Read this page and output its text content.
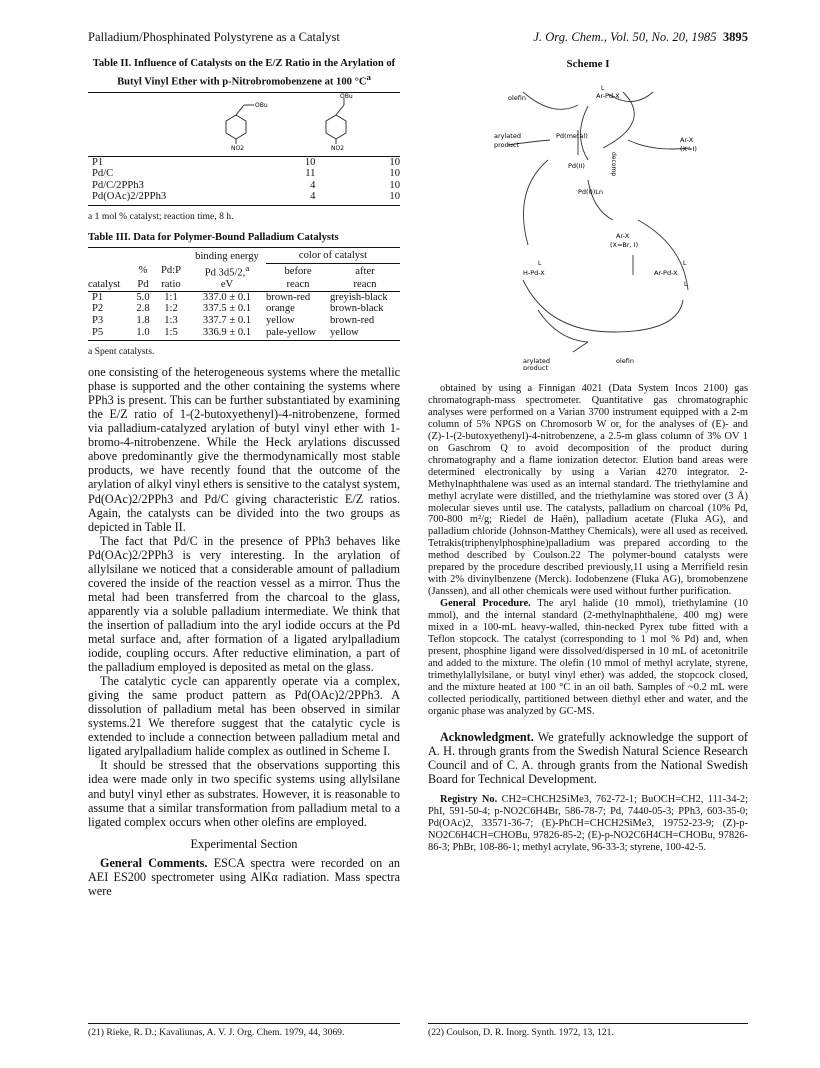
Palladium/Phosphinated Polystyrene as a Catalyst	J. Org. Chem., Vol. 50, No. 20, 1985 3895
Table II. Influence of Catalysts on the E/Z Ratio in the Arylation of Butyl Vinyl Ether with p-Nitrobromobenzene at 100 $^\circ C^a$
OBu
NO2
OBu
NO2
P1	10	10
Pd/C	11	10
Pd/C/2PPh3	4	10
Pd(OAc)2/2PPh3	4	10
a 1 mol % catalyst; reaction time, 8 h.
Table III. Data for Polymer-Bound Palladium Catalysts
			binding energy	color of catalyst	
	%	Pd:P	Pd 3d5/2,$^a$	before	after
catalyst	Pd	ratio	eV	reacn	reacn
P1	5.0	1:1	337.0 ± 0.1	brown-red	greyish-black
P2	2.8	1:2	337.5 ± 0.1	orange	brown-black
P3	1.8	1:3	337.7 ± 0.1	yellow	brown-red
P5	1.0	1:5	336.9 ± 0.1	pale-yellow	yellow
a Spent catalysts.

one consisting of the heterogeneous systems where the metallic phase is supported and the other containing the systems where PPh3 is present. This can be further substantiated by examining the E/Z ratio of 1-(2-butoxyethenyl)-4-nitrobenzene, formed via palladium-catalyzed arylation of butyl vinyl ether with 1-bromo-4-nitrobenzene. While the Heck arylations discussed above predominantly give the thermodynamically most stable products, we have recently found that the outcome of the arylation of alkyl vinyl ethers is sensitive to the catalyst system, Pd(OAc)2/2PPh3 and Pd/C giving characteristic E/Z ratios. Again, the catalysts can be divided into the two groups as depicted in Table II.

The fact that Pd/C in the presence of PPh3 behaves like Pd(OAc)2/2PPh3 is very interesting. In the arylation of allylsilane we noticed that a considerable amount of palladium covered the inside of the reaction vessel as a mirror. Thus the metal had been transferred from the charcoal to the glass, apparently via a soluble palladium intermediate. We think that the insertion of palladium into the aryl iodide occurs at the Pd metal surface and, after formation of a ligated arylpalladium iodide, coupling occurs. After reductive elimination, a part of the palladium employed is deposited as metal on the glass.

The catalytic cycle can apparently operate via a complex, giving the same product pattern as Pd(OAc)2/2PPh3. A dissolution of palladium metal has been observed in similar systems.21 We therefore suggest that the catalytic cycle is extended to include a connection between palladium metal and ligated arylpalladium halide complex as outlined in Scheme I.

It should be stressed that the observations supporting this idea were made only in two specific systems using allylsilane and butyl vinyl ether as substrates. However, it is reasonable to assume that a similar transformation from palladium metal to a ligated complex occurs when other olefins are employed.

Experimental Section

General Comments. ESCA spectra were recorded on an AEI ES200 spectrometer using AlKα radiation. Mass spectra were

Scheme I
olefin	Ar-Pd-X
L
arylated
product
Pd(metal)	Ar-X
(X=I)
Pd(II)	decomp
Pd(0)Ln
Ar-X
(X=Br, I)
L
H-Pd-X
L
Ar-Pd-X
L
arylated
product
olefin

obtained by using a Finnigan 4021 (Data System Incos 2100) gas chromatograph-mass spectrometer. Quantitative gas chromatographic analyses were performed on a Varian 3700 instrument equipped with a 2-m column of 5% NPGS on Chromosorb W or, for the analyses of (E)- and (Z)-1-(2-butoxyethenyl)-4-nitrobenzene, a 2.5-m glass column of 3% OV 1 on Gaschrom Q to avoid decomposition of the product during chromatography and a flame ionization detector. Elution band areas were determined electronically by using a Varian 4270 integrator. 2-Methylnaphthalene was used as an internal standard. The triethylamine and methyl acrylate were distilled, and the triethylamine was stored over (3 Å) molecular sieves until use. The catalysts, palladium on charcoal (10% Pd, 700-800 m²/g; Riedel de Haën), palladium acetate (Fluka AG), and palladium chloride (Johnson-Matthey Chemicals), were all used as received. Tetrakis(triphenylphosphine)palladium was prepared according to the method described by Coulson.22 The polymer-bound catalysts were prepared by the procedure described previously,11 using a Merrifield resin with 2% divinylbenzene (Merck). Iodobenzene (Fluka AG), bromobenzene (Janssen), and all other chemicals were used without further purification.

General Procedure. The aryl halide (10 mmol), triethylamine (10 mmol), and the internal standard (2-methylnaphthalene, 400 mg) were mixed in a 100-mL heavy-walled, thin-necked Pyrex tube fitted with a Teflon stopcock. The catalyst (corresponding to 1 mol % Pd) and, when present, phosphine ligand were dissolved/dispersed in 10 mL of acetonitrile and added to the mixture. The olefin (10 mmol of methyl acrylate, styrene, trimethylallylsilane, or butyl vinyl ether) was added, the stopcock closed, and the mixture heated at 100 °C in an oil bath. Samples of ~0.2 mL were collected periodically, partitioned between diethyl ether and water, and the organic phase was analyzed by GC-MS.

Acknowledgment. We gratefully acknowledge the support of A. H. through grants from the Swedish Natural Science Research Council and of C. A. through grants from the National Swedish Board for Technical Development.
Registry No. CH2=CHCH2SiMe3, 762-72-1; BuOCH=CH2, 111-34-2; PhI, 591-50-4; p-NO2C6H4Br, 586-78-7; Pd, 7440-05-3; PPh3, 603-35-0; Pd(OAc)2, 33571-36-7; (E)-PhCH=CHCH2SiMe3, 19752-23-9; (Z)-p-NO2C6H4CH=CHOBu, 97826-85-2; (E)-p-NO2C6H4CH=CHOBu, 97826-86-3; PhBr, 108-86-1; methyl acrylate, 96-33-3; styrene, 100-42-5.
(21) Rieke, R. D.; Kavaliunas, A. V. J. Org. Chem. 1979, 44, 3069.	(22) Coulson, D. R. Inorg. Synth. 1972, 13, 121.
